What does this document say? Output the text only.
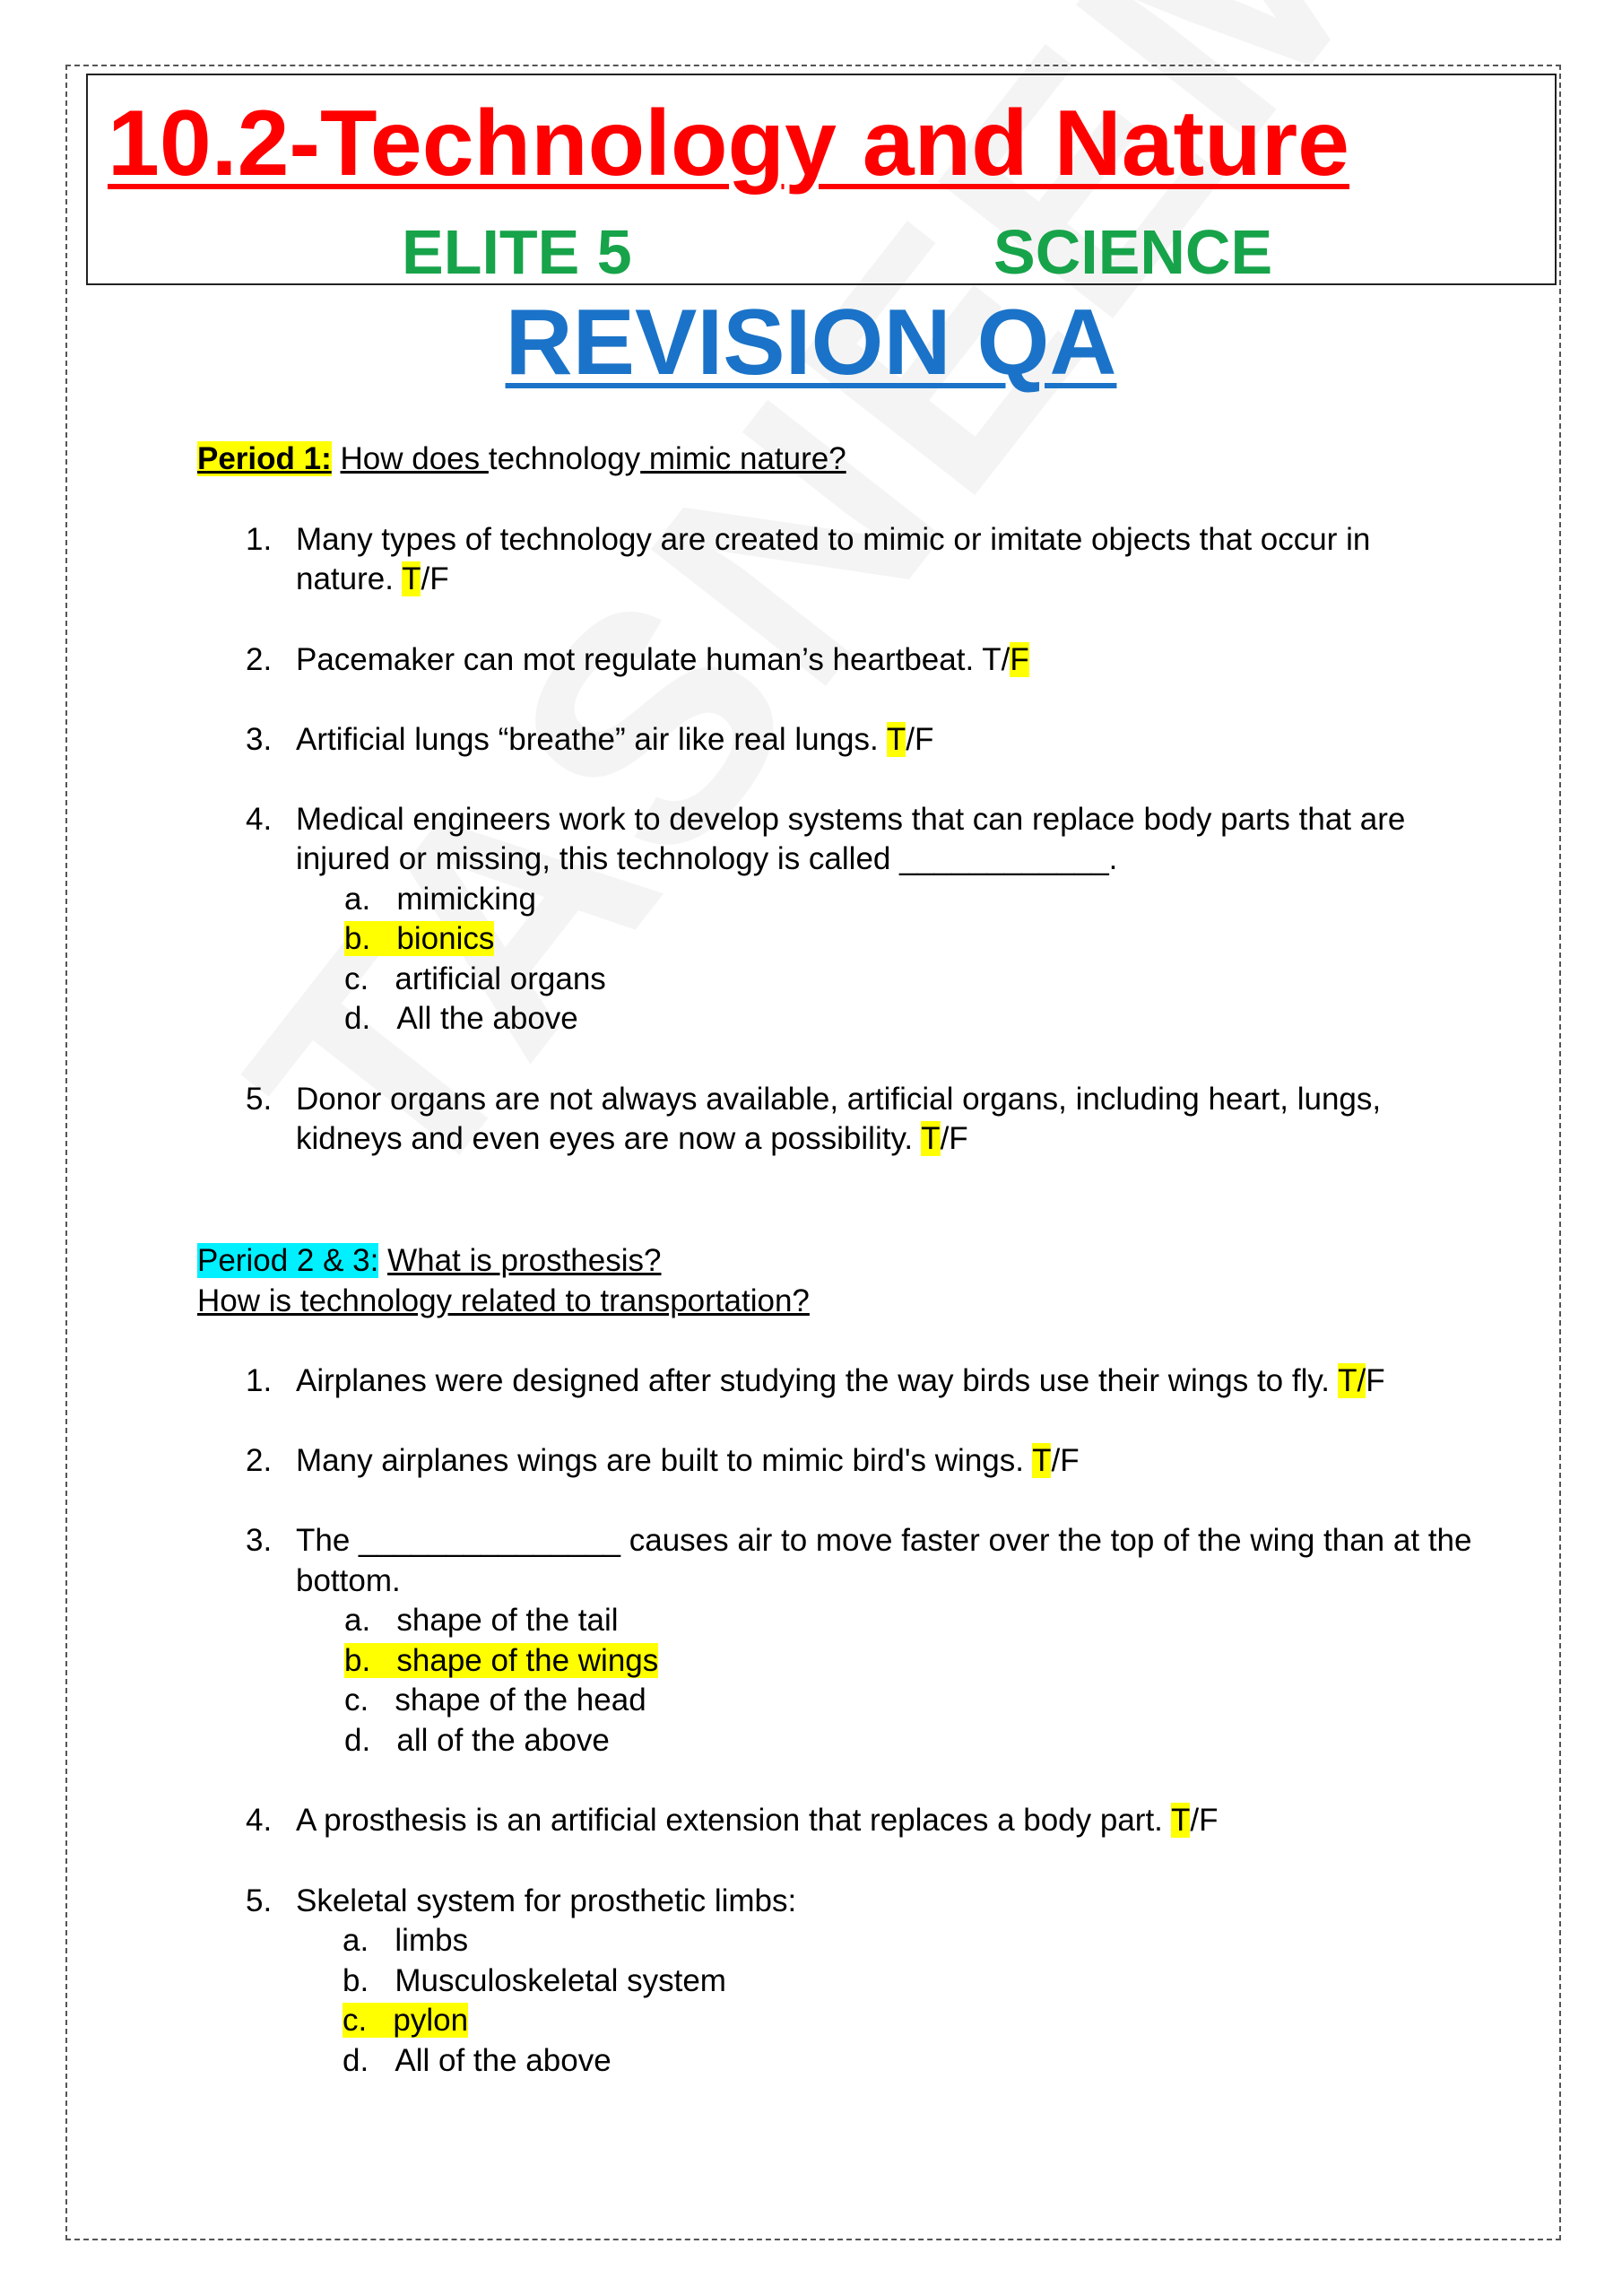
10.2-Technology and Nature
ELITE 5	SCIENCE
REVISION QA
Period 1: How does technology mimic nature?
1. Many types of technology are created to mimic or imitate objects that occur in
nature. T/F
2. Pacemaker can mot regulate human’s heartbeat. T/F
3. Artificial lungs “breathe” air like real lungs. T/F
4. Medical engineers work to develop systems that can replace body parts that are
injured or missing, this technology is called ____________.
a. mimicking
b. bionics
c. artificial organs
d. All the above
5. Donor organs are not always available, artificial organs, including heart, lungs,
kidneys and even eyes are now a possibility. T/F
Period 2 & 3: What is prosthesis?
How is technology related to transportation?
1. Airplanes were designed after studying the way birds use their wings to fly. T/F
2. Many airplanes wings are built to mimic bird's wings. T/F
3. The _______________ causes air to move faster over the top of the wing than at the
bottom.
a. shape of the tail
b. shape of the wings
c. shape of the head
d. all of the above
4. A prosthesis is an artificial extension that replaces a body part. T/F
5. Skeletal system for prosthetic limbs:
a. limbs
b. Musculoskeletal system
c. pylon
d. All of the above
